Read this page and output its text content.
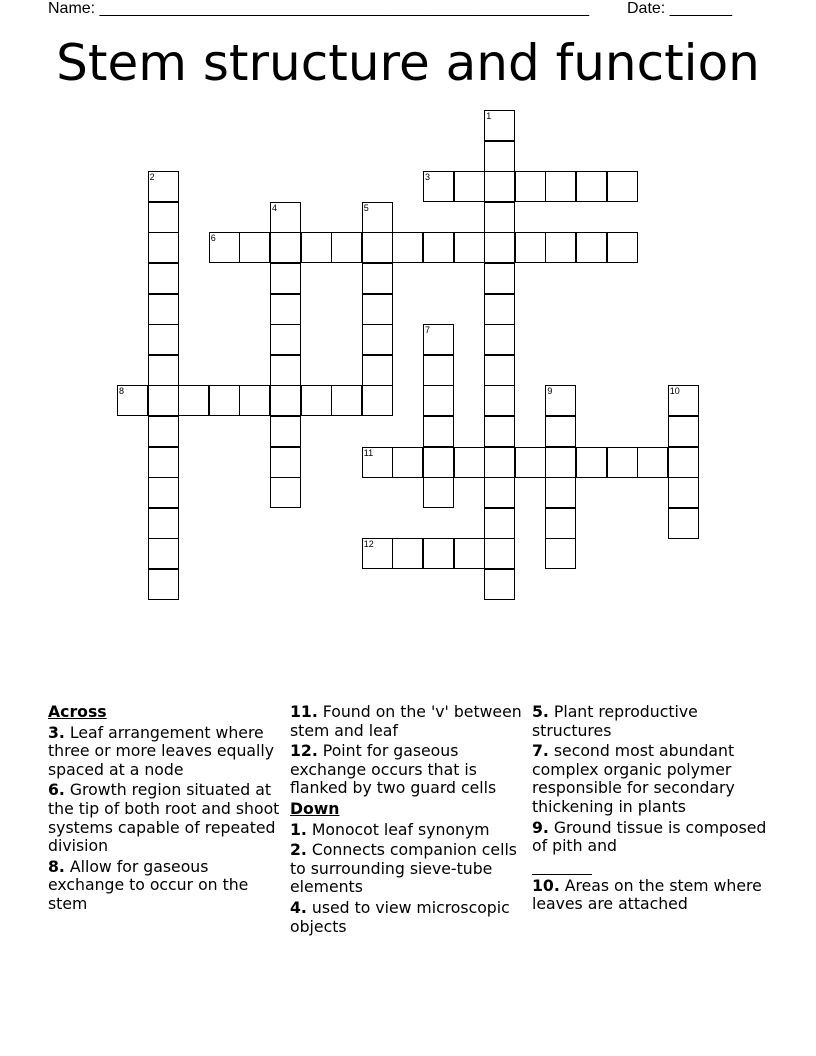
Name: _______________________________________________________ Date: _______
Stem structure and function
1
2	3
4	5
6
7
8	9	10
11
12
Across
3. Leaf arrangement where three or more leaves equally spaced at a node
6. Growth region situated at the tip of both root and shoot systems capable of repeated division
8. Allow for gaseous exchange to occur on the stem
11. Found on the 'v' between stem and leaf
12. Point for gaseous exchange occurs that is flanked by two guard cells
Down
1. Monocot leaf synonym
2. Connects companion cells to surrounding sieve-tube elements
4. used to view microscopic objects
5. Plant reproductive structures
7. second most abundant complex organic polymer responsible for secondary thickening in plants
9. Ground tissue is composed of pith and

10. Areas on the stem where leaves are attached
